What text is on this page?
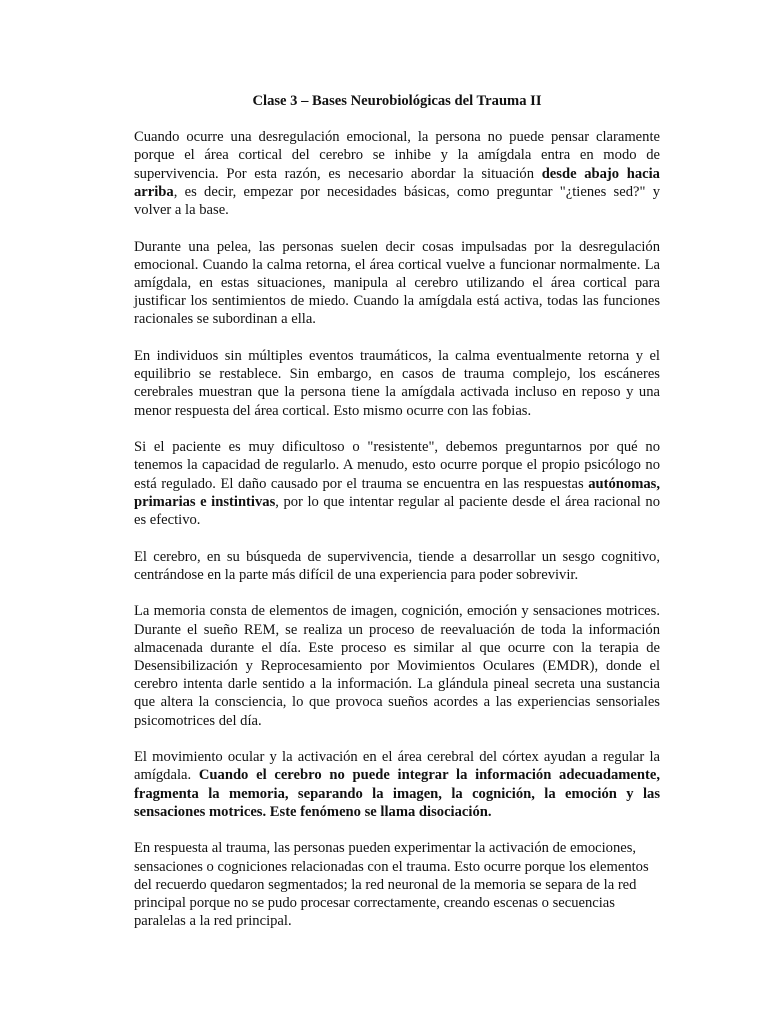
Clase 3 – Bases Neurobiológicas del Trauma II

Cuando ocurre una desregulación emocional, la persona no puede pensar claramente porque el área cortical del cerebro se inhibe y la amígdala entra en modo de supervivencia. Por esta razón, es necesario abordar la situación desde abajo hacia arriba, es decir, empezar por necesidades básicas, como preguntar "¿tienes sed?" y volver a la base.

Durante una pelea, las personas suelen decir cosas impulsadas por la desregulación emocional. Cuando la calma retorna, el área cortical vuelve a funcionar normalmente. La amígdala, en estas situaciones, manipula al cerebro utilizando el área cortical para justificar los sentimientos de miedo. Cuando la amígdala está activa, todas las funciones racionales se subordinan a ella.

En individuos sin múltiples eventos traumáticos, la calma eventualmente retorna y el equilibrio se restablece. Sin embargo, en casos de trauma complejo, los escáneres cerebrales muestran que la persona tiene la amígdala activada incluso en reposo y una menor respuesta del área cortical. Esto mismo ocurre con las fobias.

Si el paciente es muy dificultoso o "resistente", debemos preguntarnos por qué no tenemos la capacidad de regularlo. A menudo, esto ocurre porque el propio psicólogo no está regulado. El daño causado por el trauma se encuentra en las respuestas autónomas, primarias e instintivas, por lo que intentar regular al paciente desde el área racional no es efectivo.

El cerebro, en su búsqueda de supervivencia, tiende a desarrollar un sesgo cognitivo, centrándose en la parte más difícil de una experiencia para poder sobrevivir.

La memoria consta de elementos de imagen, cognición, emoción y sensaciones motrices. Durante el sueño REM, se realiza un proceso de reevaluación de toda la información almacenada durante el día. Este proceso es similar al que ocurre con la terapia de Desensibilización y Reprocesamiento por Movimientos Oculares (EMDR), donde el cerebro intenta darle sentido a la información. La glándula pineal secreta una sustancia que altera la consciencia, lo que provoca sueños acordes a las experiencias sensoriales psicomotrices del día.

El movimiento ocular y la activación en el área cerebral del córtex ayudan a regular la amígdala. Cuando el cerebro no puede integrar la información adecuadamente, fragmenta la memoria, separando la imagen, la cognición, la emoción y las sensaciones motrices. Este fenómeno se llama disociación.

En respuesta al trauma, las personas pueden experimentar la activación de emociones, sensaciones o cogniciones relacionadas con el trauma. Esto ocurre porque los elementos del recuerdo quedaron segmentados; la red neuronal de la memoria se separa de la red principal porque no se pudo procesar correctamente, creando escenas o secuencias paralelas a la red principal.
